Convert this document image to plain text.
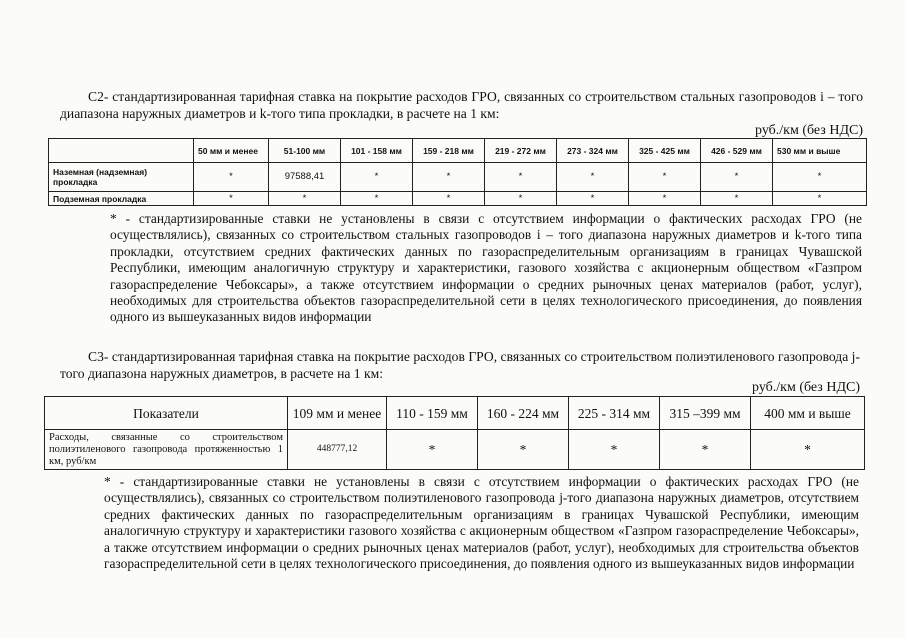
С2- стандартизированная тарифная ставка на покрытие расходов ГРО, связанных со строительством стальных газопроводов i – того диапазона наружных диаметров и k-того типа прокладки, в расчете на 1 км:
руб./км (без НДС)
	50 мм и менее	51-100 мм	101 - 158 мм	159 - 218 мм	219 - 272 мм	273 - 324 мм	325 - 425 мм	426 - 529 мм	530 мм и выше
Наземная (надземная) прокладка	*	97588,41	*	*	*	*	*	*	*
Подземная прокладка	*	*	*	*	*	*	*	*	*
* - стандартизированные ставки не установлены в связи с отсутствием информации о фактических расходах ГРО (не осуществлялись), связанных со строительством стальных газопроводов i – того диапазона наружных диаметров и k-того типа прокладки, отсутствием средних фактических данных по газораспределительным организациям в границах Чувашской Республики, имеющим аналогичную структуру и характеристики, газового хозяйства с акционерным обществом «Газпром газораспределение Чебоксары», а также отсутствием информации о средних рыночных ценах материалов (работ, услуг), необходимых для строительства объектов газораспределительной сети в целях технологического присоединения, до появления одного из вышеуказанных видов информации
С3- стандартизированная тарифная ставка на покрытие расходов ГРО, связанных со строительством полиэтиленового газопровода j-того диапазона наружных диаметров, в расчете на 1 км:
руб./км (без НДС)
Показатели	109 мм и менее	110 - 159 мм	160 - 224 мм	225 - 314 мм	315 –399 мм	400 мм и выше
Расходы, связанные со строительством полиэтиленового газопровода протяженностью 1 км, руб/км	448777,12	*	*	*	*	*
* - стандартизированные ставки не установлены в связи с отсутствием информации о фактических расходах ГРО (не осуществлялись), связанных со строительством полиэтиленового газопровода j-того диапазона наружных диаметров, отсутствием средних фактических данных по газораспределительным организациям в границах Чувашской Республики, имеющим аналогичную структуру и характеристики газового хозяйства с акционерным обществом «Газпром газораспределение Чебоксары», а также отсутствием информации о средних рыночных ценах материалов (работ, услуг), необходимых для строительства объектов газораспределительной сети в целях технологического присоединения, до появления одного из вышеуказанных видов информации
